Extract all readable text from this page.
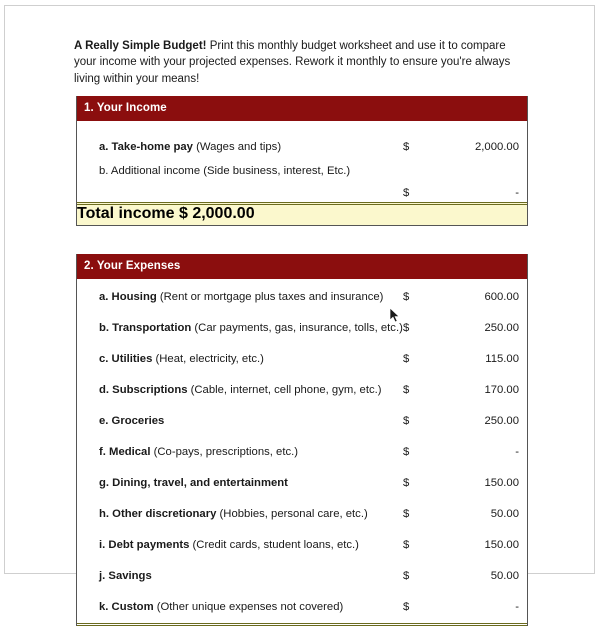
A Really Simple Budget! Print this monthly budget worksheet and use it to compare your income with your projected expenses. Rework it monthly to ensure you're always living within your means!

1. Your Income
a. Take-home pay (Wages and tips)	$	2,000.00
b. Additional income (Side business, interest, Etc.)
$	-
Total income $ 2,000.00
2. Your Expenses
a. Housing (Rent or mortgage plus taxes and insurance) $	600.00
b. Transportation (Car payments, gas, insurance, tolls, etc.) $	250.00
c. Utilities (Heat, electricity, etc.)	$	115.00
d. Subscriptions (Cable, internet, cell phone, gym, etc.) $	170.00
e. Groceries	$	250.00
f. Medical (Co-pays, prescriptions, etc.)	$	-
g. Dining, travel, and entertainment	$	150.00
h. Other discretionary (Hobbies, personal care, etc.)	$	50.00
i. Debt payments (Credit cards, student loans, etc.)	$	150.00
j. Savings	$	50.00
k. Custom (Other unique expenses not covered)	$	-
